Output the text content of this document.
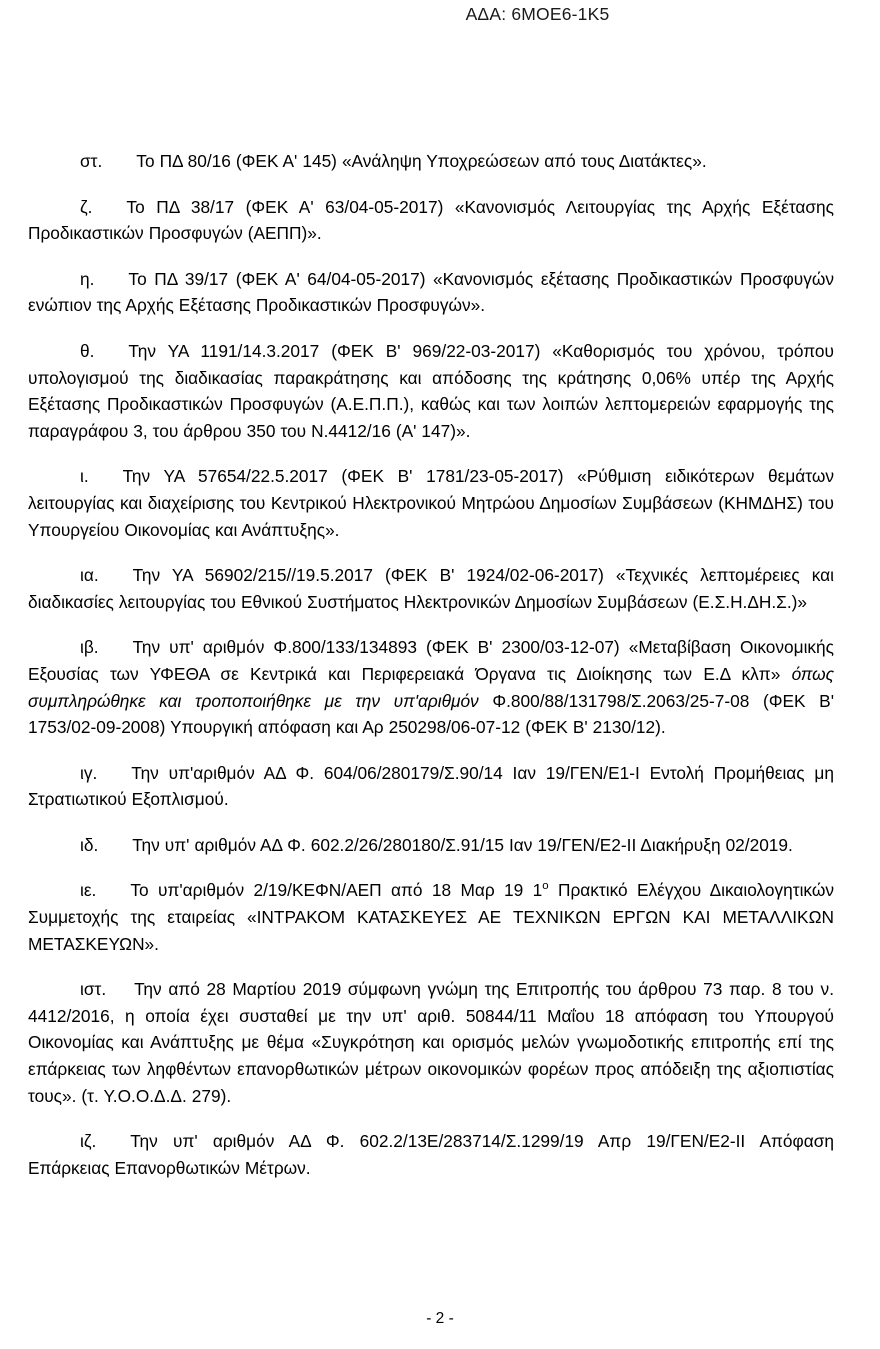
ΑΔΑ: 6ΜΟΕ6-1Κ5

στ. Το ΠΔ 80/16 (ΦΕΚ Α' 145) «Ανάληψη Υποχρεώσεων από τους Διατάκτες».

ζ. Το ΠΔ 38/17 (ΦΕΚ Α' 63/04-05-2017) «Κανονισμός Λειτουργίας της Αρχής Εξέτασης Προδικαστικών Προσφυγών (ΑΕΠΠ)».

η. Το ΠΔ 39/17 (ΦΕΚ Α' 64/04-05-2017) «Κανονισμός εξέτασης Προδικαστικών Προσφυγών ενώπιον της Αρχής Εξέτασης Προδικαστικών Προσφυγών».

θ. Την ΥΑ 1191/14.3.2017 (ΦΕΚ Β' 969/22-03-2017) «Καθορισμός του χρόνου, τρόπου υπολογισμού της διαδικασίας παρακράτησης και απόδοσης της κράτησης 0,06% υπέρ της Αρχής Εξέτασης Προδικαστικών Προσφυγών (Α.Ε.Π.Π.), καθώς και των λοιπών λεπτομερειών εφαρμογής της παραγράφου 3, του άρθρου 350 του Ν.4412/16 (Α' 147)».

ι. Την ΥΑ 57654/22.5.2017 (ΦΕΚ Β' 1781/23-05-2017) «Ρύθμιση ειδικότερων θεμάτων λειτουργίας και διαχείρισης του Κεντρικού Ηλεκτρονικού Μητρώου Δημοσίων Συμβάσεων (ΚΗΜΔΗΣ) του Υπουργείου Οικονομίας και Ανάπτυξης».

ια. Την ΥΑ 56902/215//19.5.2017 (ΦΕΚ Β' 1924/02-06-2017) «Τεχνικές λεπτομέρειες και διαδικασίες λειτουργίας του Εθνικού Συστήματος Ηλεκτρονικών Δημοσίων Συμβάσεων (Ε.Σ.Η.ΔΗ.Σ.)»

ιβ. Την υπ' αριθμόν Φ.800/133/134893 (ΦΕΚ Β' 2300/03-12-07) «Μεταβίβαση Οικονομικής Εξουσίας των ΥΦΕΘΑ σε Κεντρικά και Περιφερειακά Όργανα τις Διοίκησης των Ε.Δ κλπ» όπως συμπληρώθηκε και τροποποιήθηκε με την υπ'αριθμόν Φ.800/88/131798/Σ.2063/25-7-08 (ΦΕΚ Β' 1753/02-09-2008) Υπουργική απόφαση και Αρ 250298/06-07-12 (ΦΕΚ Β' 2130/12).

ιγ. Την υπ'αριθμόν ΑΔ Φ. 604/06/280179/Σ.90/14 Ιαν 19/ΓΕΝ/Ε1-Ι Εντολή Προμήθειας μη Στρατιωτικού Εξοπλισμού.

ιδ. Την υπ' αριθμόν ΑΔ Φ. 602.2/26/280180/Σ.91/15 Ιαν 19/ΓΕΝ/Ε2-ΙΙ Διακήρυξη 02/2019.

ιε. Το υπ'αριθμόν 2/19/ΚΕΦΝ/ΑΕΠ από 18 Μαρ 19 $1^o$ Πρακτικό Ελέγχου Δικαιολογητικών Συμμετοχής της εταιρείας «ΙΝΤΡΑΚΟΜ ΚΑΤΑΣΚΕΥΕΣ ΑΕ ΤΕΧΝΙΚΩΝ ΕΡΓΩΝ ΚΑΙ ΜΕΤΑΛΛΙΚΩΝ ΜΕΤΑΣΚΕΥΩΝ».

ιστ. Την από 28 Μαρτίου 2019 σύμφωνη γνώμη της Επιτροπής του άρθρου 73 παρ. 8 του ν. 4412/2016, η οποία έχει συσταθεί με την υπ' αριθ. 50844/11 Μαΐου 18 απόφαση του Υπουργού Οικονομίας και Ανάπτυξης με θέμα «Συγκρότηση και ορισμός μελών γνωμοδοτικής επιτροπής επί της επάρκειας των ληφθέντων επανορθωτικών μέτρων οικονομικών φορέων προς απόδειξη της αξιοπιστίας τους». (τ. Υ.Ο.Ο.Δ.Δ. 279).

ιζ. Την υπ' αριθμόν ΑΔ Φ. 602.2/13Ε/283714/Σ.1299/19 Απρ 19/ΓΕΝ/Ε2-ΙΙ Απόφαση Επάρκειας Επανορθωτικών Μέτρων.

- 2 -
